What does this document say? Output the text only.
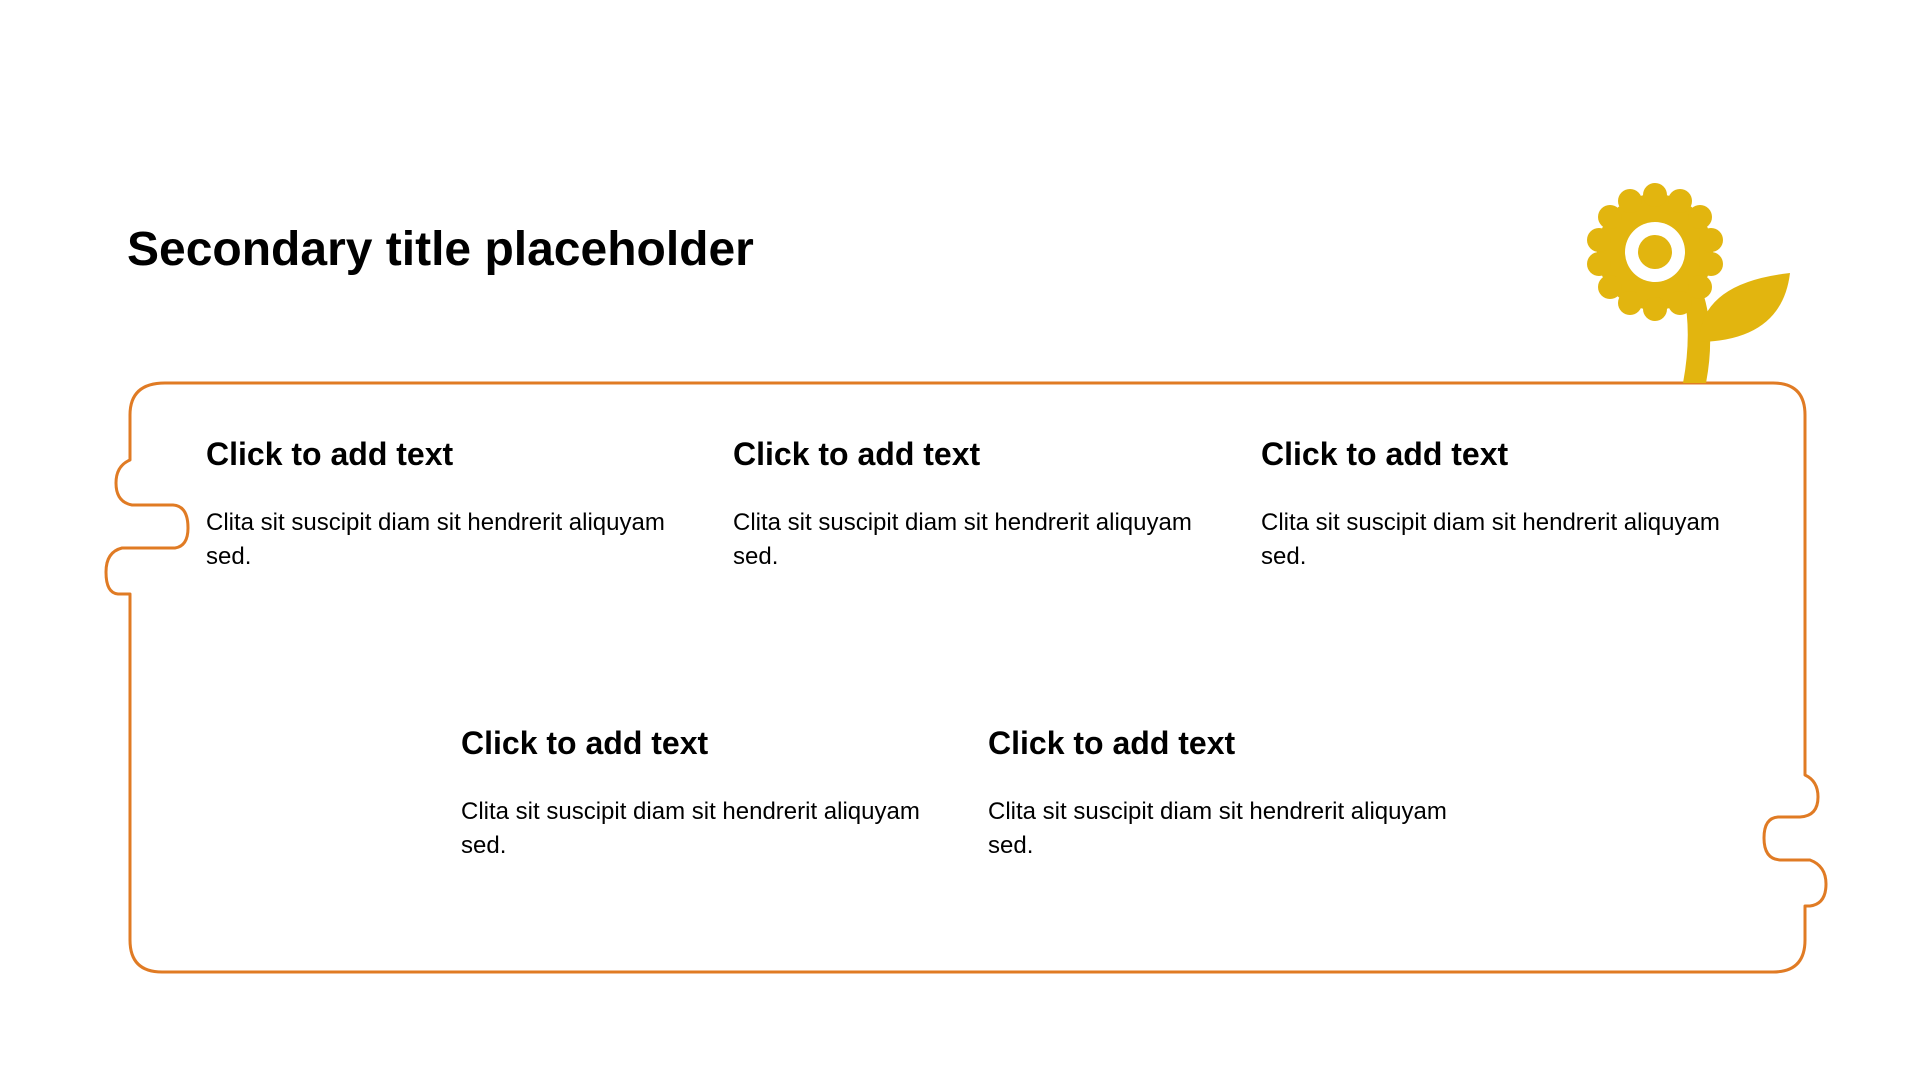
Secondary title placeholder
Click to add text

Clita sit suscipit diam sit hendrerit aliquyam sed.

Click to add text

Clita sit suscipit diam sit hendrerit aliquyam sed.

Click to add text

Clita sit suscipit diam sit hendrerit aliquyam sed.

Click to add text

Clita sit suscipit diam sit hendrerit aliquyam sed.

Click to add text

Clita sit suscipit diam sit hendrerit aliquyam sed.
